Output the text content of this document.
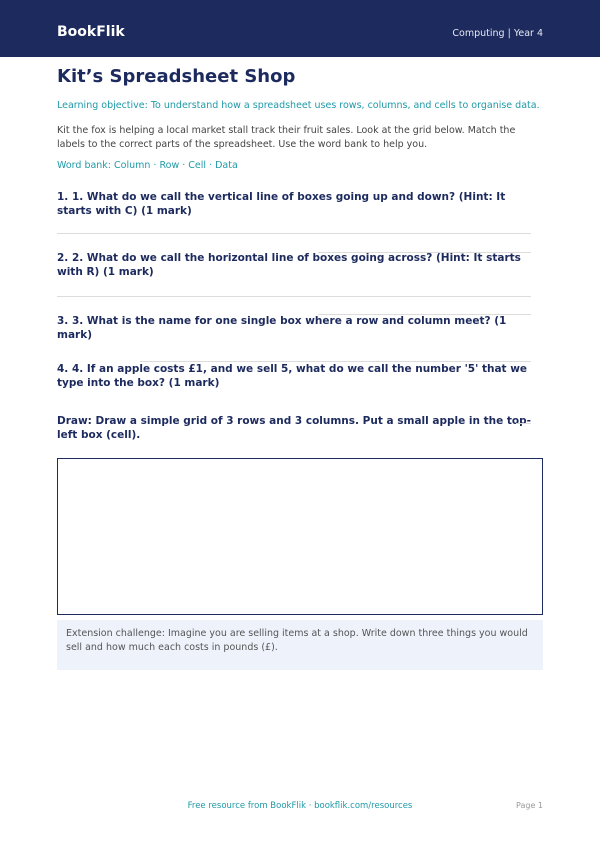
BookFlik	Computing | Year 4
Kit’s Spreadsheet Shop
Learning objective: To understand how a spreadsheet uses rows, columns, and cells to organise data.
Kit the fox is helping a local market stall track their fruit sales. Look at the grid below. Match the labels to the correct parts of the spreadsheet. Use the word bank to help you.
Word bank: Column · Row · Cell · Data
1. 1. What do we call the vertical line of boxes going up and down? (Hint: It starts with C) (1 mark)
2. 2. What do we call the horizontal line of boxes going across? (Hint: It starts with R) (1 mark)
3. 3. What is the name for one single box where a row and column meet? (1 mark)
4. 4. If an apple costs £1, and we sell 5, what do we call the number '5' that we type into the box? (1 mark)
Draw: Draw a simple grid of 3 rows and 3 columns. Put a small apple in the top-left box (cell).
Extension challenge: Imagine you are selling items at a shop. Write down three things you would sell and how much each costs in pounds (£).
Free resource from BookFlik · bookflik.com/resources	Page 1
